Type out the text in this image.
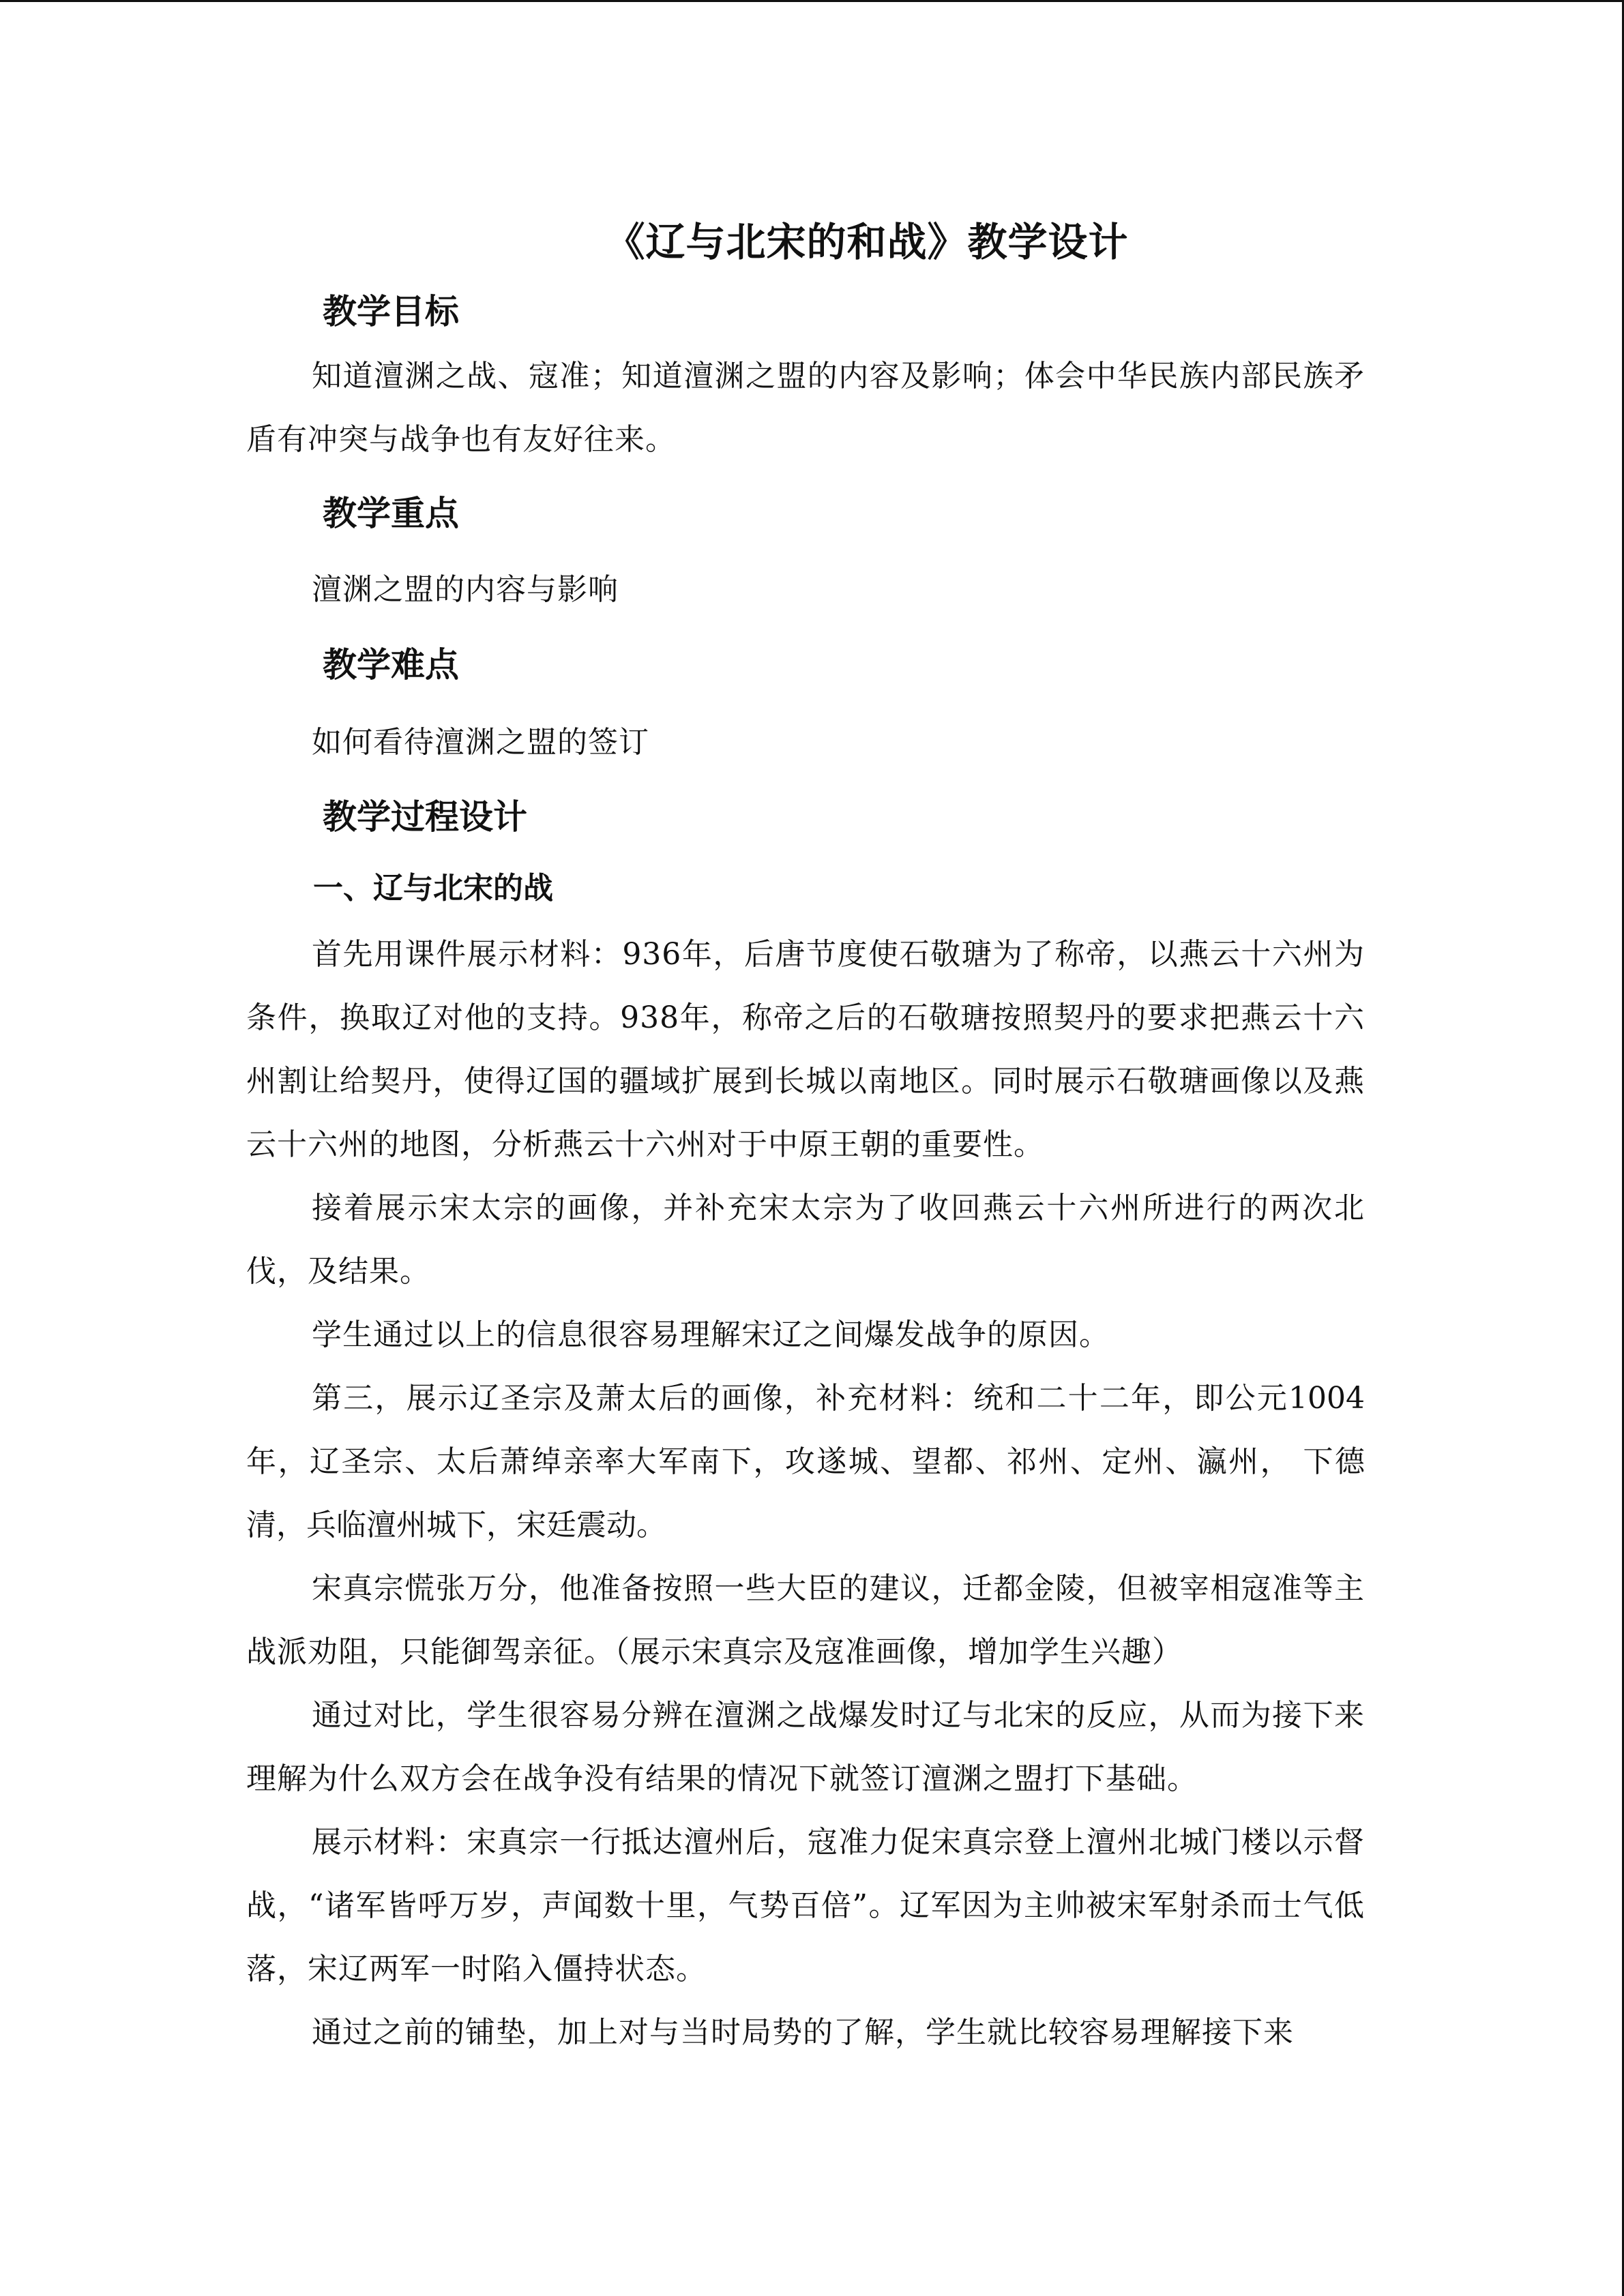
《辽与北宋的和战》教学设计
教学目标

知道澶渊之战、寇准；知道澶渊之盟的内容及影响；体会中华民族内部民族矛盾有冲突与战争也有友好往来。

教学重点

澶渊之盟的内容与影响

教学难点

如何看待澶渊之盟的签订

教学过程设计
一、辽与北宋的战

首先用课件展示材料：936年，后唐节度使石敬瑭为了称帝，以燕云十六州为条件，换取辽对他的支持。938年，称帝之后的石敬瑭按照契丹的要求把燕云十六州割让给契丹，使得辽国的疆域扩展到长城以南地区。同时展示石敬瑭画像以及燕云十六州的地图，分析燕云十六州对于中原王朝的重要性。

接着展示宋太宗的画像，并补充宋太宗为了收回燕云十六州所进行的两次北伐，及结果。

学生通过以上的信息很容易理解宋辽之间爆发战争的原因。

第三，展示辽圣宗及萧太后的画像，补充材料：统和二十二年，即公元1004年，辽圣宗、太后萧绰亲率大军南下，攻遂城、望都、祁州、定州、瀛州， 下德清，兵临澶州城下，宋廷震动。

宋真宗慌张万分，他准备按照一些大臣的建议，迁都金陵，但被宰相寇准等主战派劝阻，只能御驾亲征。（展示宋真宗及寇准画像，增加学生兴趣）

通过对比，学生很容易分辨在澶渊之战爆发时辽与北宋的反应，从而为接下来理解为什么双方会在战争没有结果的情况下就签订澶渊之盟打下基础。

展示材料：宋真宗一行抵达澶州后，寇准力促宋真宗登上澶州北城门楼以示督战，“诸军皆呼万岁，声闻数十里，气势百倍”。辽军因为主帅被宋军射杀而士气低落，宋辽两军一时陷入僵持状态。

通过之前的铺垫，加上对与当时局势的了解，学生就比较容易理解接下来
